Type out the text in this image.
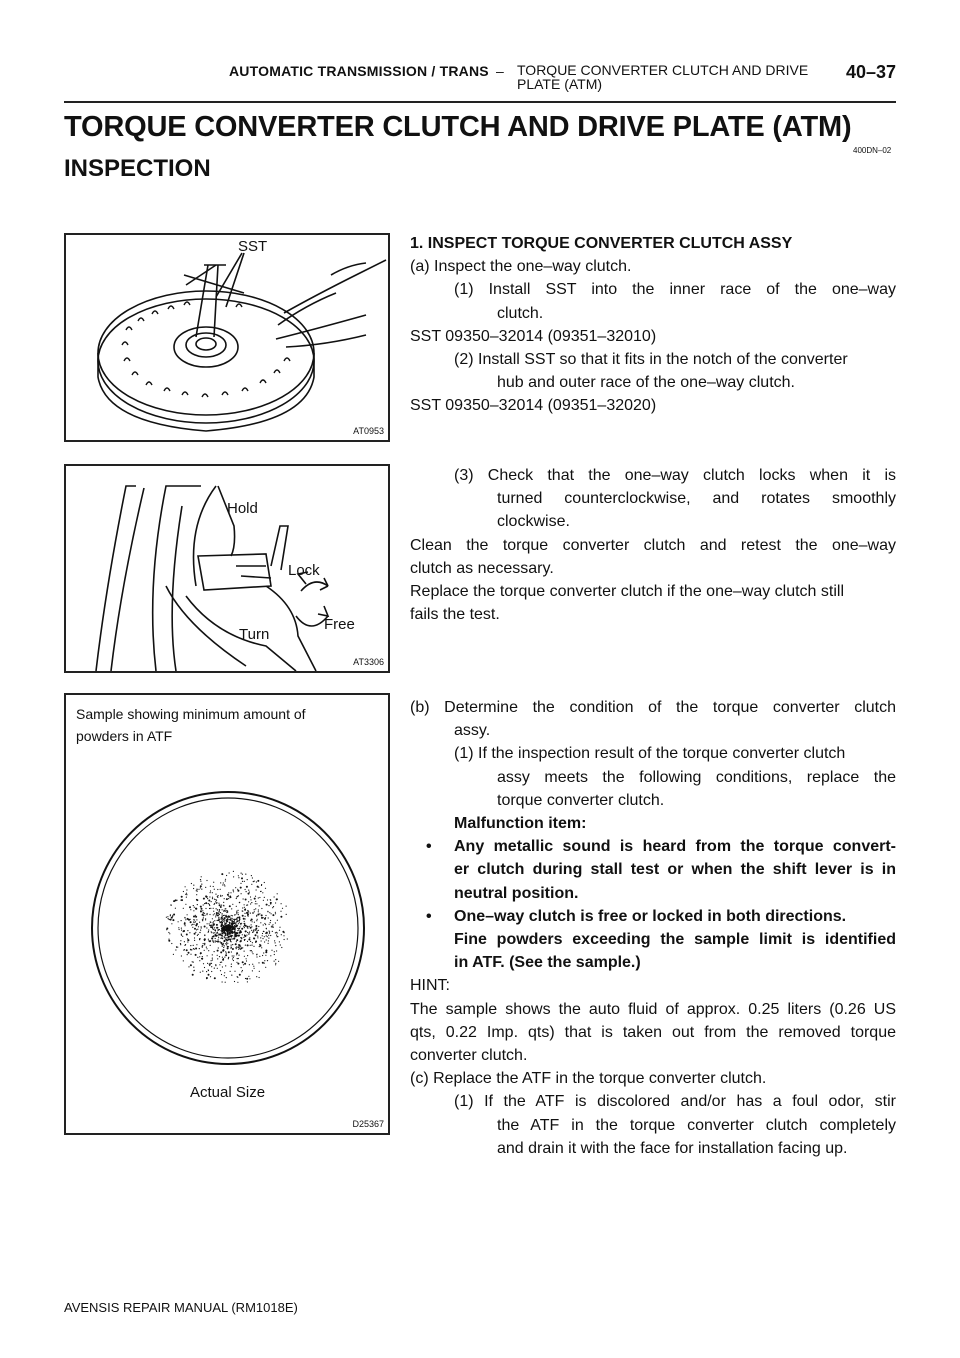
AUTOMATIC TRANSMISSION / TRANS – TORQUE CONVERTER CLUTCH AND DRIVE
PLATE (ATM)
40–37
TORQUE CONVERTER CLUTCH AND DRIVE PLATE (ATM)
400DN–02
INSPECTION
SST
AT0953
Hold
Lock
Free
Turn
AT3306
Sample showing minimum amount of
powders in ATF
Actual Size
D25367
1. INSPECT TORQUE CONVERTER CLUTCH ASSY
(a) Inspect the one–way clutch.
(1) Install SST into the inner race of the one–way
clutch.
SST 09350–32014 (09351–32010)
(2) Install SST so that it fits in the notch of the converter
hub and outer race of the one–way clutch.
SST 09350–32014 (09351–32020)
(3) Check that the one–way clutch locks when it is
turned counterclockwise, and rotates smoothly
clockwise.
Clean the torque converter clutch and retest the one–way
clutch as necessary.
Replace the torque converter clutch if the one–way clutch still
fails the test.
(b) Determine the condition of the torque converter clutch
assy.
(1) If the inspection result of the torque converter clutch
assy meets the following conditions, replace the
torque converter clutch.
Malfunction item:
• Any metallic sound is heard from the torque convert-
er clutch during stall test or when the shift lever is in
neutral position.
• One–way clutch is free or locked in both directions.
Fine powders exceeding the sample limit is identified
in ATF. (See the sample.)
HINT:
The sample shows the auto fluid of approx. 0.25 liters (0.26 US
qts, 0.22 Imp. qts) that is taken out from the removed torque
converter clutch.
(c) Replace the ATF in the torque converter clutch.
(1) If the ATF is discolored and/or has a foul odor, stir
the ATF in the torque converter clutch completely
and drain it with the face for installation facing up.
AVENSIS REPAIR MANUAL (RM1018E)
